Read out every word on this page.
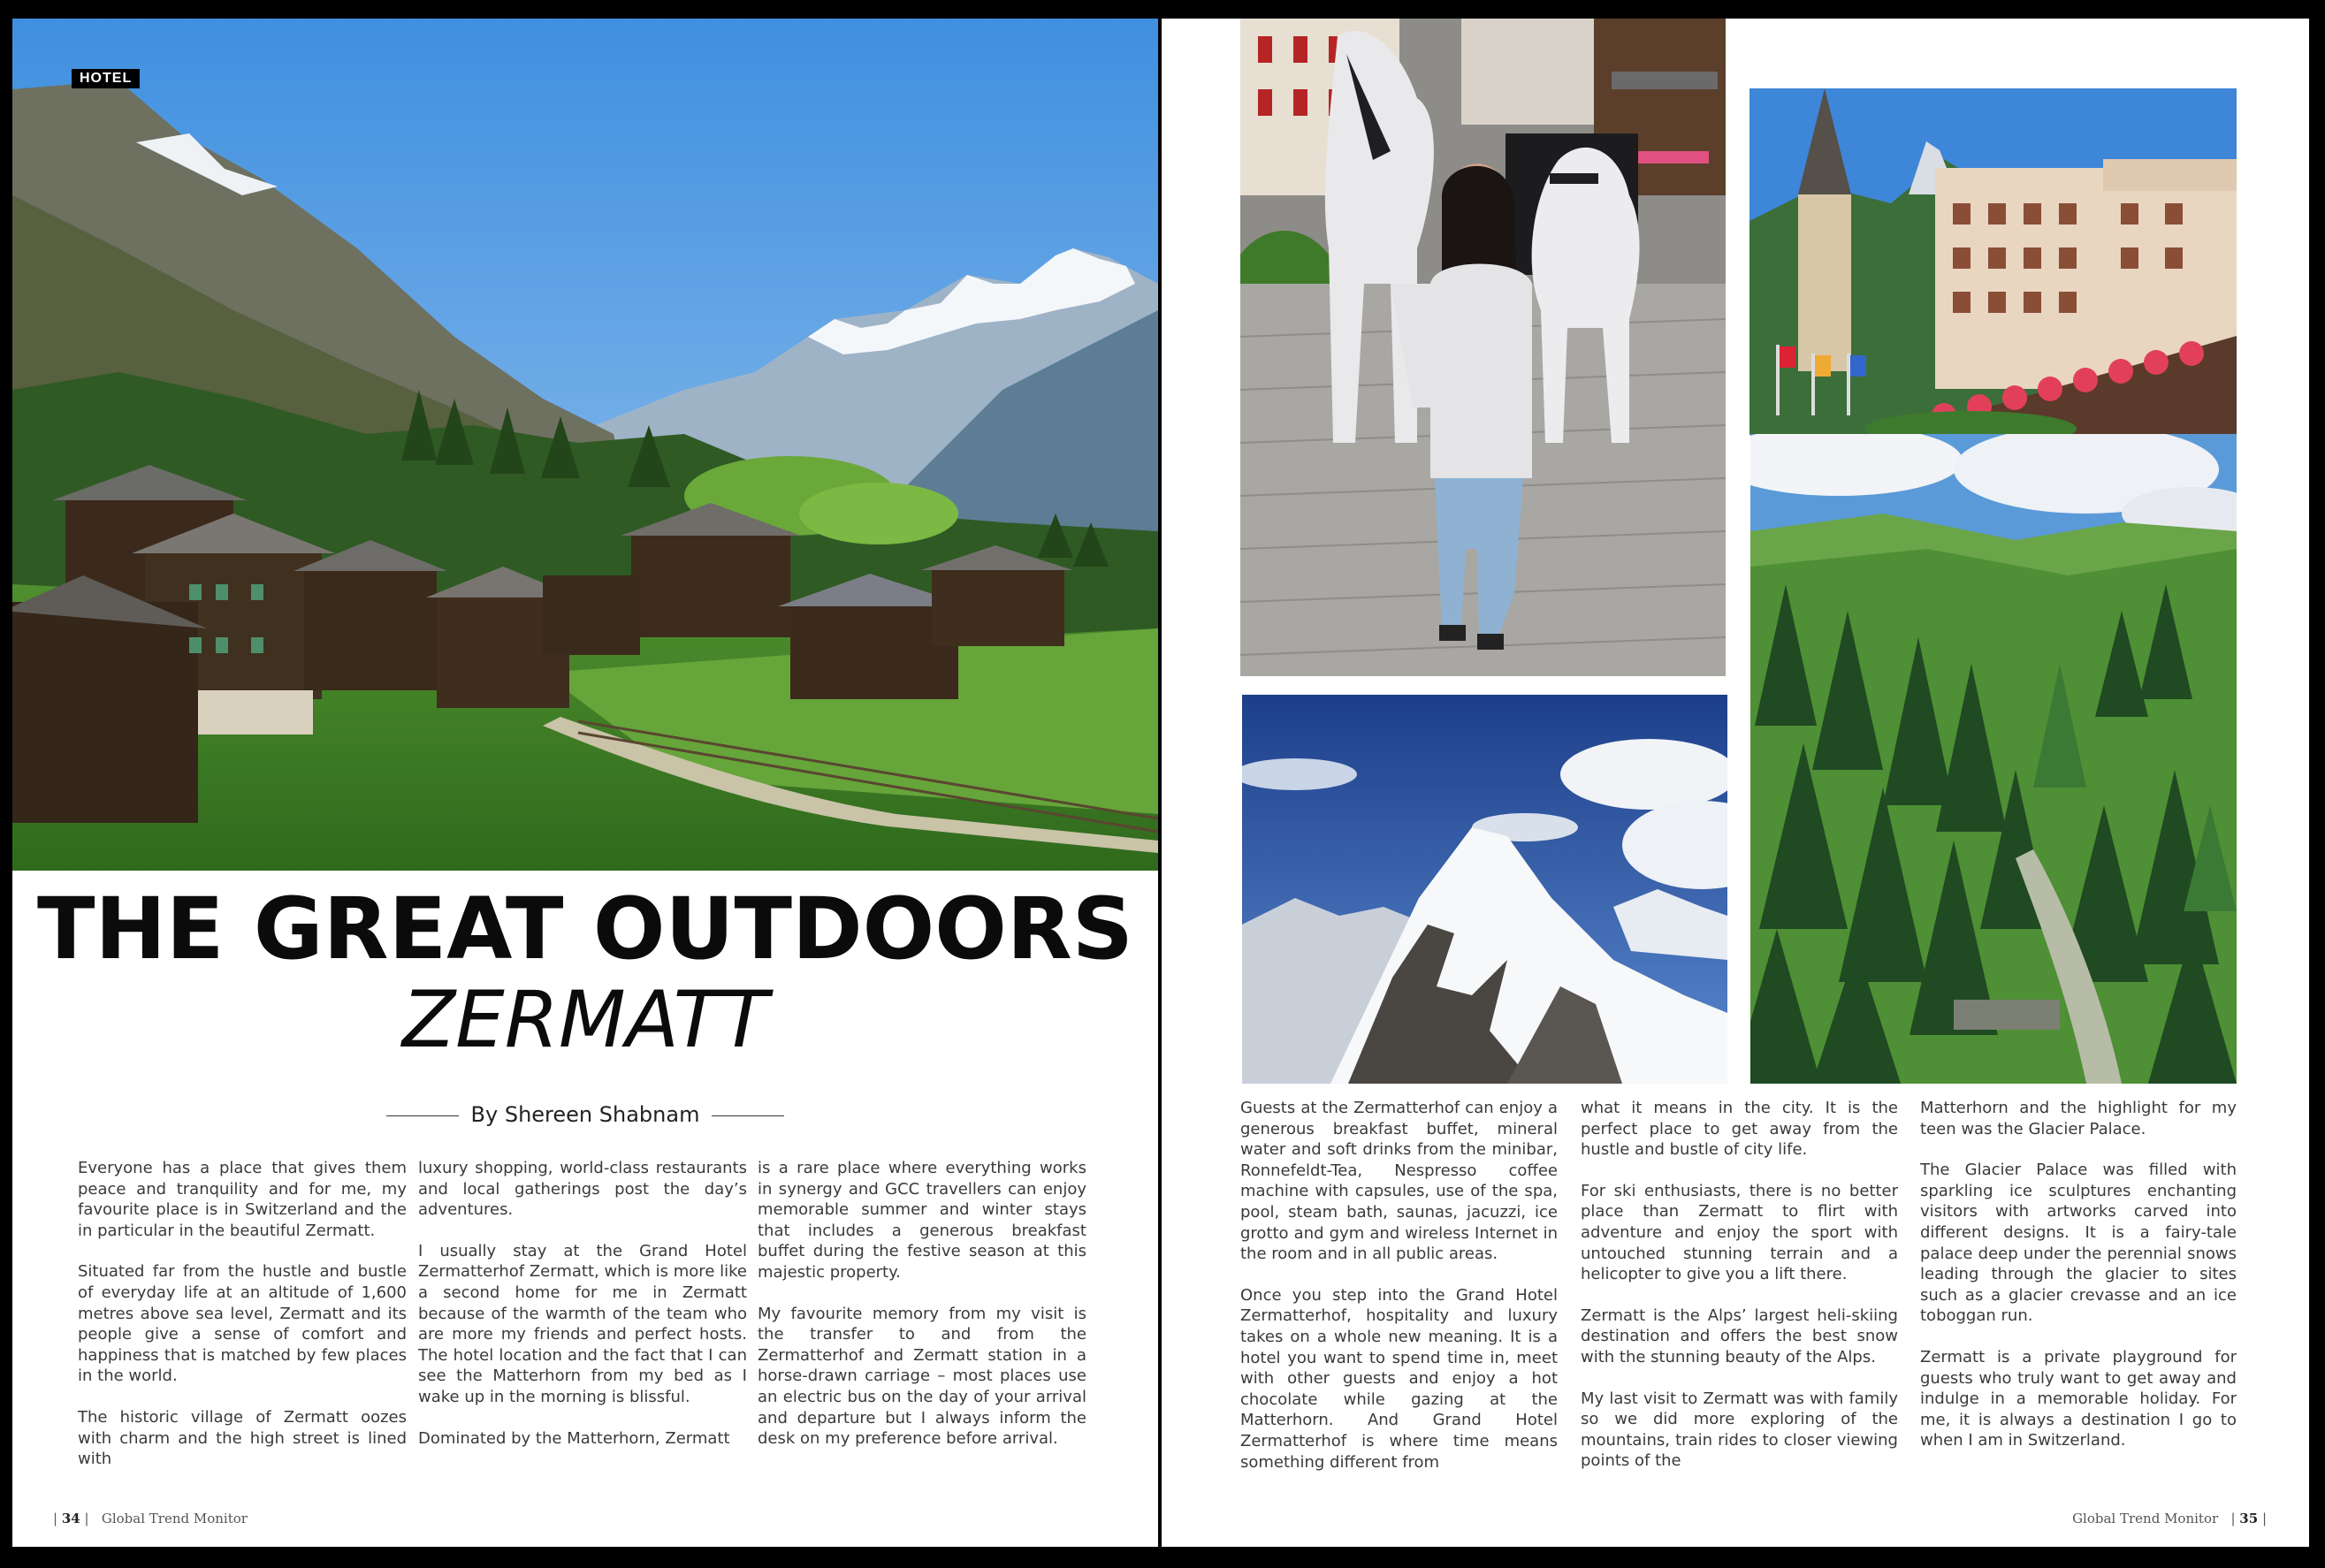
HOTEL
THE GREAT OUTDOORS
ZERMATT
By Shereen Shabnam

Everyone has a place that gives them peace and tranquility and for me, my favourite place is in Switzerland and the in particular in the beautiful Zermatt.

Situated far from the hustle and bustle of everyday life at an altitude of 1,600 metres above sea level, Zermatt and its people give a sense of comfort and happiness that is matched by few places in the world.

The historic village of Zermatt oozes with charm and the high street is lined with

luxury shopping, world-class restaurants and local gatherings post the day’s adventures.

I usually stay at the Grand Hotel Zermatterhof Zermatt, which is more like a second home for me in Zermatt because of the warmth of the team who are more my friends and perfect hosts. The hotel location and the fact that I can see the Matterhorn from my bed as I wake up in the morning is blissful.

Dominated by the Matterhorn, Zermatt

is a rare place where everything works in synergy and GCC travellers can enjoy memorable summer and winter stays that includes a generous breakfast buffet during the festive season at this majestic property.

My favourite memory from my visit is the transfer to and from the Zermatterhof and Zermatt station in a horse-drawn carriage – most places use an electric bus on the day of your arrival and departure but I always inform the desk on my preference before arrival.

| 34 |   Global Trend Monitor

Guests at the Zermatterhof can enjoy a generous breakfast buffet, mineral water and soft drinks from the minibar, Ronnefeldt-Tea, Nespresso coffee machine with capsules, use of the spa, pool, steam bath, saunas, jacuzzi, ice grotto and gym and wireless Internet in the room and in all public areas.

Once you step into the Grand Hotel Zermatterhof, hospitality and luxury takes on a whole new meaning. It is a hotel you want to spend time in, meet with other guests and enjoy a hot chocolate while gazing at the Matterhorn. And Grand Hotel Zermatterhof is where time means something different from

what it means in the city. It is the perfect place to get away from the hustle and bustle of city life.

For ski enthusiasts, there is no better place than Zermatt to flirt with adventure and enjoy the sport with untouched stunning terrain and a helicopter to give you a lift there.

Zermatt is the Alps’ largest heli-skiing destination and offers the best snow with the stunning beauty of the Alps.

My last visit to Zermatt was with family so we did more exploring of the mountains, train rides to closer viewing points of the

Matterhorn and the highlight for my teen was the Glacier Palace.

The Glacier Palace was filled with sparkling ice sculptures enchanting visitors with artworks carved into different designs. It is a fairy-tale palace deep under the perennial snows leading through the glacier to sites such as a glacier crevasse and an ice toboggan run.

Zermatt is a private playground for guests who truly want to get away and indulge in a memorable holiday. For me, it is always a destination I go to when I am in Switzerland.

Global Trend Monitor   | 35 |
